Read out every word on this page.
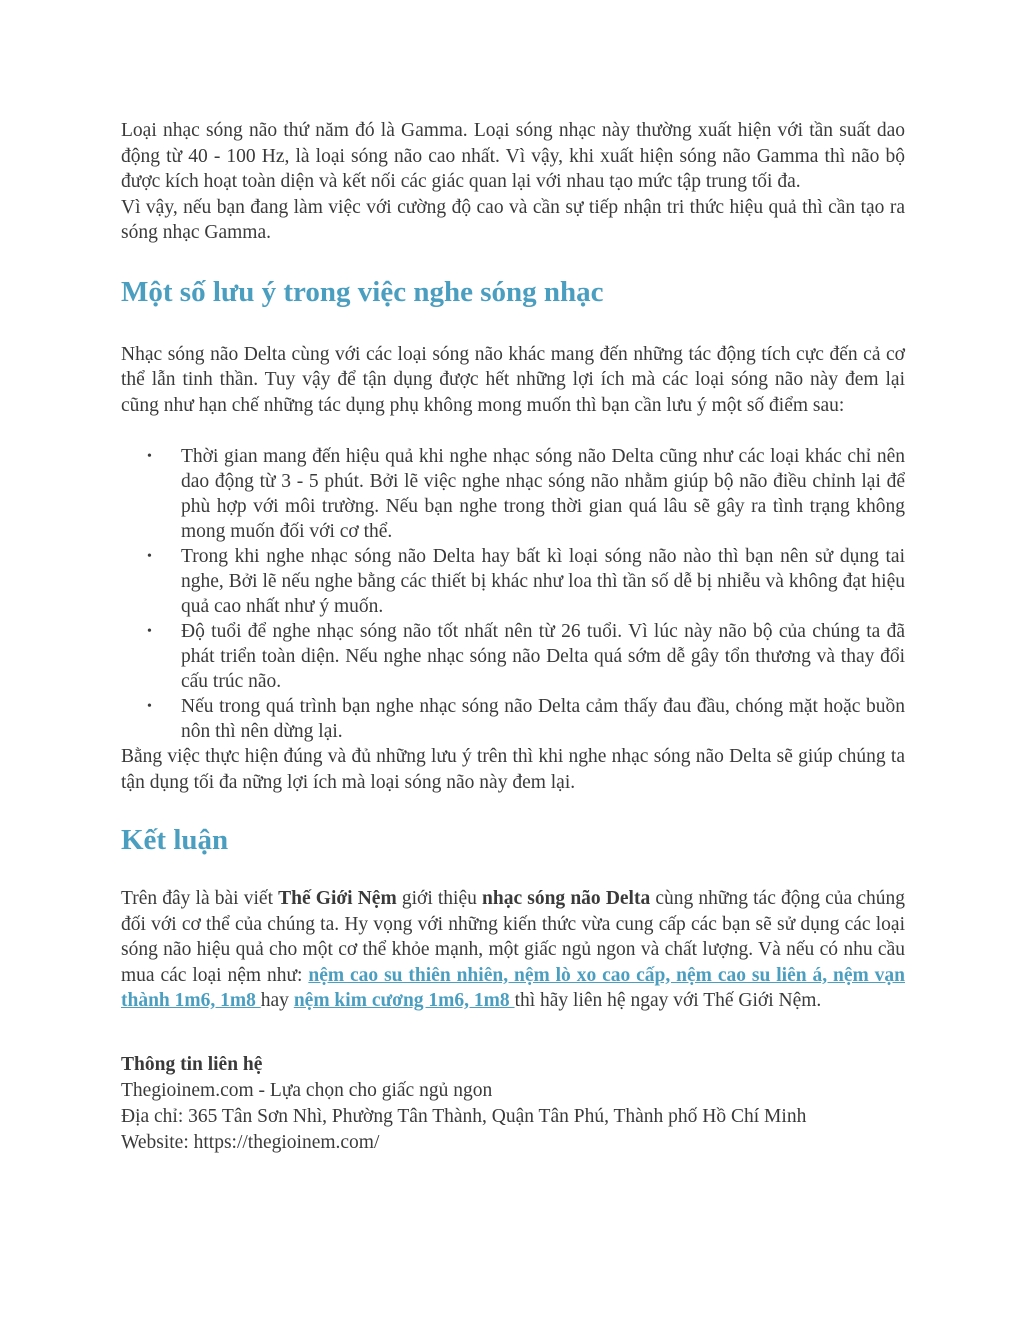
Loại nhạc sóng não thứ năm đó là Gamma. Loại sóng nhạc này thường xuất hiện với tần suất dao động từ 40 - 100 Hz, là loại sóng não cao nhất. Vì vậy, khi xuất hiện sóng não Gamma thì não bộ được kích hoạt toàn diện và kết nối các giác quan lại với nhau tạo mức tập trung tối đa.

Vì vậy, nếu bạn đang làm việc với cường độ cao và cần sự tiếp nhận tri thức hiệu quả thì cần tạo ra sóng nhạc Gamma.

Một số lưu ý trong việc nghe sóng nhạc

Nhạc sóng não Delta cùng với các loại sóng não khác mang đến những tác động tích cực đến cả cơ thể lẫn tinh thần. Tuy vậy để tận dụng được hết những lợi ích mà các loại sóng não này đem lại cũng như hạn chế những tác dụng phụ không mong muốn thì bạn cần lưu ý một số điểm sau:

• Thời gian mang đến hiệu quả khi nghe nhạc sóng não Delta cũng như các loại khác chỉ nên dao động từ 3 - 5 phút. Bởi lẽ việc nghe nhạc sóng não nhằm giúp bộ não điều chỉnh lại để phù hợp với môi trường. Nếu bạn nghe trong thời gian quá lâu sẽ gây ra tình trạng không mong muốn đối với cơ thể.
• Trong khi nghe nhạc sóng não Delta hay bất kì loại sóng não nào thì bạn nên sử dụng tai nghe, Bởi lẽ nếu nghe bằng các thiết bị khác như loa thì tần số dễ bị nhiễu và không đạt hiệu quả cao nhất như ý muốn.
• Độ tuổi để nghe nhạc sóng não tốt nhất nên từ 26 tuổi. Vì lúc này não bộ của chúng ta đã phát triển toàn diện. Nếu nghe nhạc sóng não Delta quá sớm dễ gây tổn thương và thay đổi cấu trúc não.
• Nếu trong quá trình bạn nghe nhạc sóng não Delta cảm thấy đau đầu, chóng mặt hoặc buồn nôn thì nên dừng lại.

Bằng việc thực hiện đúng và đủ những lưu ý trên thì khi nghe nhạc sóng não Delta sẽ giúp chúng ta tận dụng tối đa nững lợi ích mà loại sóng não này đem lại.

Kết luận

Trên đây là bài viết Thế Giới Nệm giới thiệu nhạc sóng não Delta cùng những tác động của chúng đối với cơ thể của chúng ta. Hy vọng với những kiến thức vừa cung cấp các bạn sẽ sử dụng các loại sóng não hiệu quả cho một cơ thể khỏe mạnh, một giấc ngủ ngon và chất lượng. Và nếu có nhu cầu mua các loại nệm như: nệm cao su thiên nhiên, nệm lò xo cao cấp, nệm cao su liên á, nệm vạn thành 1m6, 1m8 hay nệm kim cương 1m6, 1m8 thì hãy liên hệ ngay với Thế Giới Nệm.

Thông tin liên hệ

Thegioinem.com - Lựa chọn cho giấc ngủ ngon

Địa chỉ: 365 Tân Sơn Nhì, Phường Tân Thành, Quận Tân Phú, Thành phố Hồ Chí Minh

Website: https://thegioinem.com/
